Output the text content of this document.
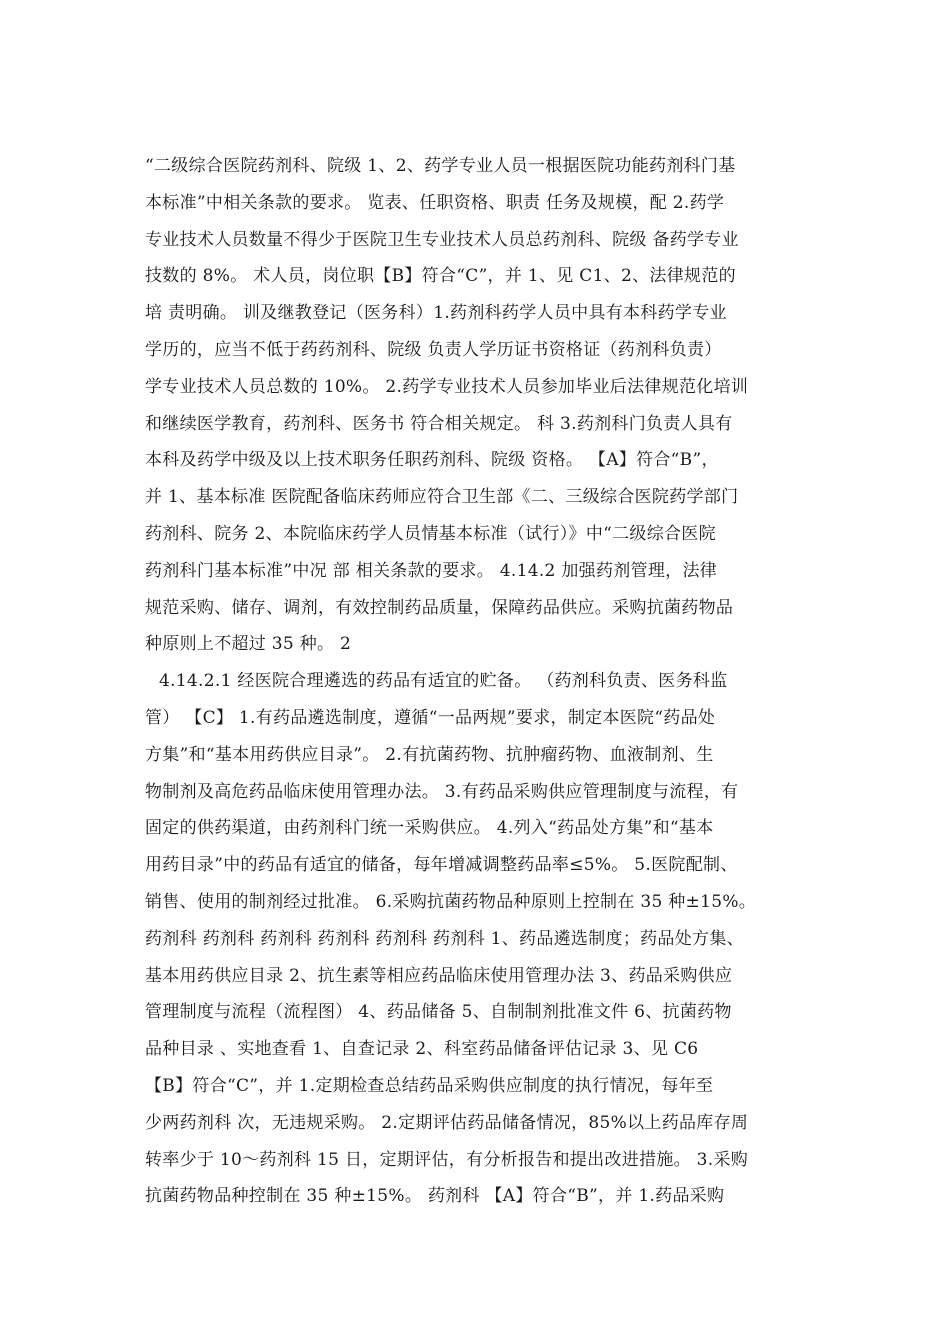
“二级综合医院药剂科、院级 1、2、药学专业人员一根据医院功能药剂科门基
本标准”中相关条款的要求。 览表、任职资格、职责 任务及规模，配 2.药学
专业技术人员数量不得少于医院卫生专业技术人员总药剂科、院级 备药学专业
技数的 8%。 术人员，岗位职【B】符合“C”，并 1、见 C1、2、法律规范的
培 责明确。 训及继教登记（医务科）1.药剂科药学人员中具有本科药学专业
学历的，应当不低于药药剂科、院级 负责人学历证书资格证（药剂科负责）
学专业技术人员总数的 10%。 2.药学专业技术人员参加毕业后法律规范化培训
和继续医学教育，药剂科、医务书 符合相关规定。 科 3.药剂科门负责人具有
本科及药学中级及以上技术职务任职药剂科、院级 资格。 【A】符合“B”，
并 1、基本标准 医院配备临床药师应符合卫生部《二、三级综合医院药学部门
药剂科、院务 2、本院临床药学人员情基本标准（试行）》中“二级综合医院
药剂科门基本标准”中况 部 相关条款的要求。 4.14.2 加强药剂管理，法律
规范采购、储存、调剂，有效控制药品质量，保障药品供应。采购抗菌药物品
种原则上不超过 35 种。 2
4.14.2.1 经医院合理遴选的药品有适宜的贮备。 （药剂科负责、医务科监
管） 【C】 1.有药品遴选制度，遵循“一品两规”要求，制定本医院“药品处
方集”和“基本用药供应目录”。 2.有抗菌药物、抗肿瘤药物、血液制剂、生
物制剂及高危药品临床使用管理办法。 3.有药品采购供应管理制度与流程，有
固定的供药渠道，由药剂科门统一采购供应。 4.列入“药品处方集”和“基本
用药目录”中的药品有适宜的储备，每年增减调整药品率≤5%。 5.医院配制、
销售、使用的制剂经过批准。 6.采购抗菌药物品种原则上控制在 35 种±15%。
药剂科 药剂科 药剂科 药剂科 药剂科 药剂科 1、药品遴选制度；药品处方集、
基本用药供应目录 2、抗生素等相应药品临床使用管理办法 3、药品采购供应
管理制度与流程（流程图） 4、药品储备 5、自制制剂批准文件 6、抗菌药物
品种目录 、实地查看 1、自查记录 2、科室药品储备评估记录 3、见 C6
【B】符合“C”，并 1.定期检查总结药品采购供应制度的执行情况，每年至
少两药剂科 次，无违规采购。 2.定期评估药品储备情况，85%以上药品库存周
转率少于 10～药剂科 15 日，定期评估，有分析报告和提出改进措施。 3.采购
抗菌药物品种控制在 35 种±15%。 药剂科 【A】符合“B”，并 1.药品采购
